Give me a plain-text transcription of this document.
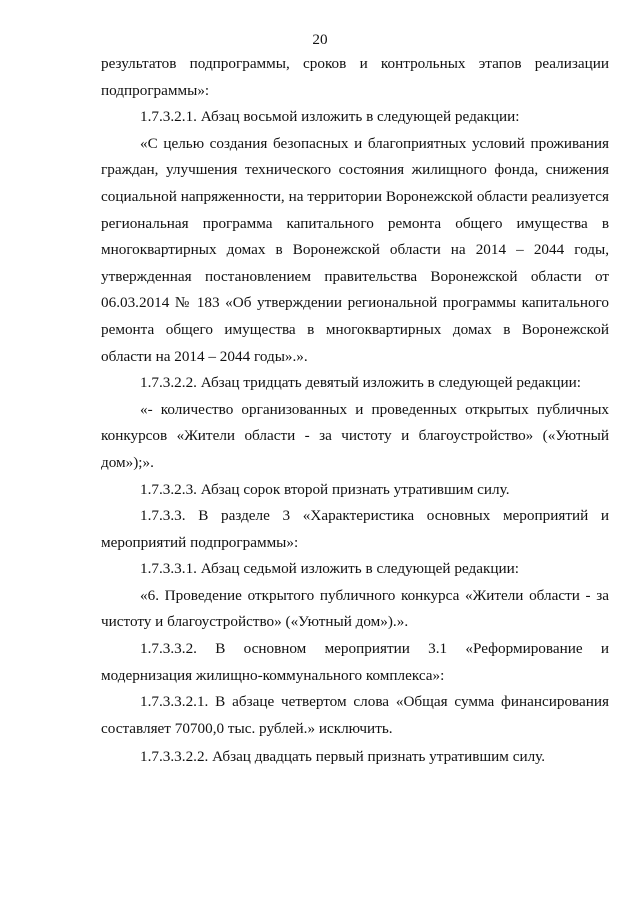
20

результатов подпрограммы, сроков и контрольных этапов реализации подпрограммы»:

1.7.3.2.1. Абзац восьмой изложить в следующей редакции:

«С целью создания безопасных и благоприятных условий проживания граждан, улучшения технического состояния жилищного фонда, снижения социальной напряженности, на территории Воронежской области реализуется региональная программа капитального ремонта общего имущества в многоквартирных домах в Воронежской области на 2014 – 2044 годы, утвержденная постановлением правительства Воронежской области от 06.03.2014 № 183 «Об утверждении региональной программы капитального ремонта общего имущества в многоквартирных домах в Воронежской области на 2014 – 2044 годы».».

1.7.3.2.2. Абзац тридцать девятый изложить в следующей редакции:

«- количество организованных и проведенных открытых публичных конкурсов «Жители области - за чистоту и благоустройство» («Уютный дом»);».

1.7.3.2.3. Абзац сорок второй признать утратившим силу.

1.7.3.3. В разделе 3 «Характеристика основных мероприятий и мероприятий подпрограммы»:

1.7.3.3.1. Абзац седьмой изложить в следующей редакции:

«6. Проведение открытого публичного конкурса «Жители области - за чистоту и благоустройство» («Уютный дом»).».

1.7.3.3.2. В основном мероприятии 3.1 «Реформирование и модернизация жилищно-коммунального комплекса»:

1.7.3.3.2.1. В абзаце четвертом слова «Общая сумма финансирования составляет 70700,0 тыс. рублей.» исключить.

1.7.3.3.2.2. Абзац двадцать первый признать утратившим силу.
